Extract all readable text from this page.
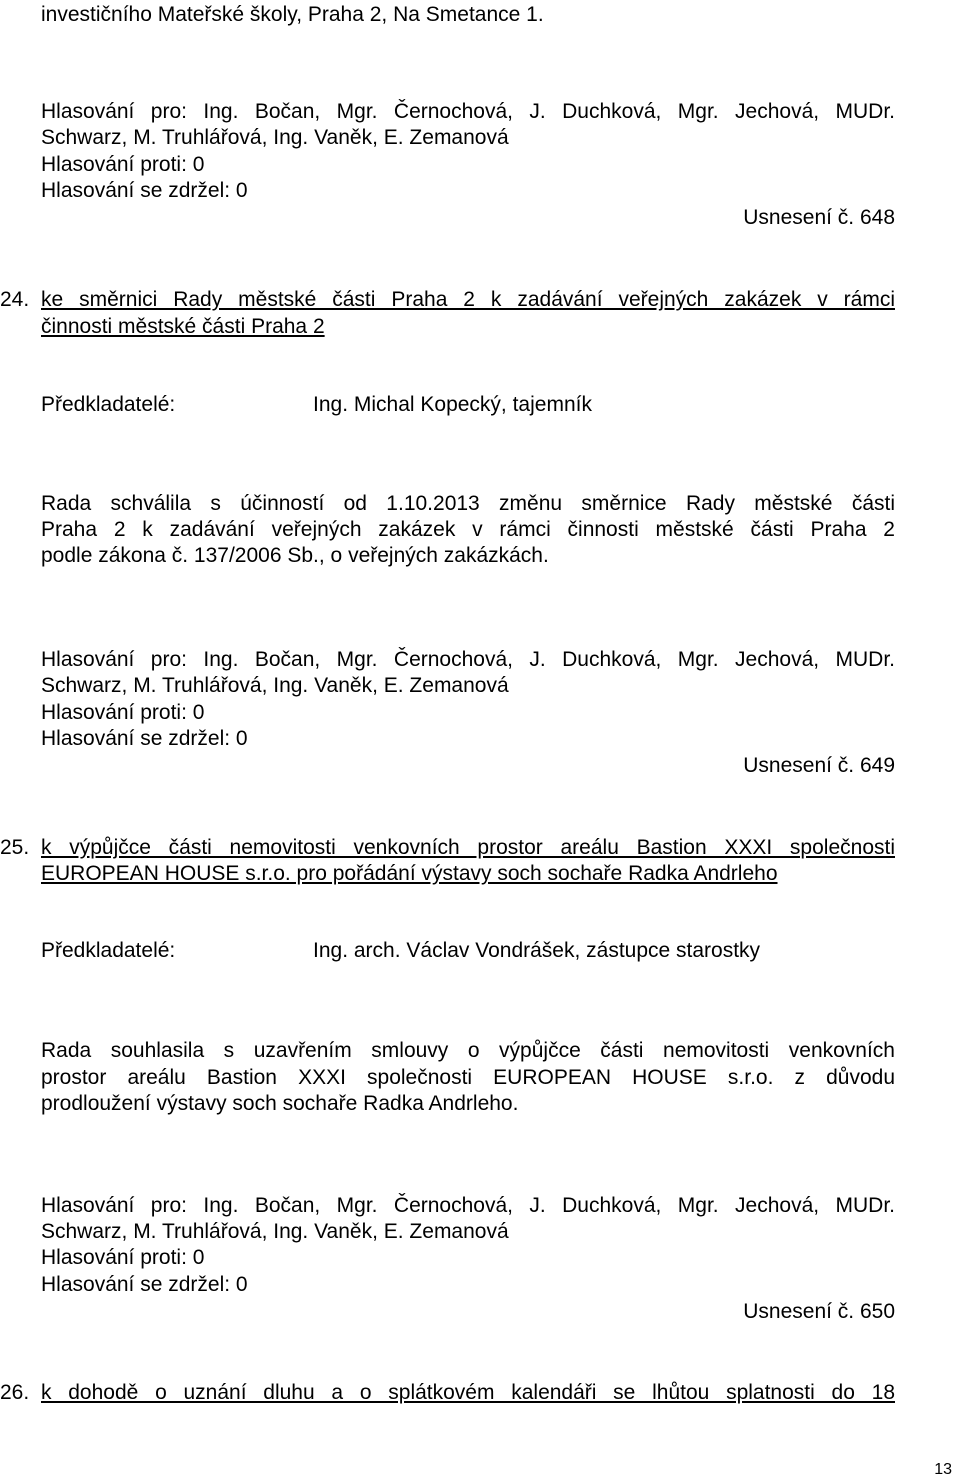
investičního Mateřské školy, Praha 2, Na Smetance 1.
Hlasování pro: Ing. Bočan, Mgr. Černochová, J. Duchková, Mgr. Jechová, MUDr.
Schwarz, M. Truhlářová, Ing. Vaněk, E. Zemanová
Hlasování proti: 0
Hlasování se zdržel: 0
Usnesení č. 648
24. ke směrnici Rady městské části Praha 2 k zadávání veřejných zakázek v rámci
činnosti městské části Praha 2
Předkladatelé:	Ing. Michal Kopecký, tajemník
Rada schválila s účinností od 1.10.2013 změnu směrnice Rady městské části
Praha 2 k zadávání veřejných zakázek v rámci činnosti městské části Praha 2
podle zákona č. 137/2006 Sb., o veřejných zakázkách.
Hlasování pro: Ing. Bočan, Mgr. Černochová, J. Duchková, Mgr. Jechová, MUDr.
Schwarz, M. Truhlářová, Ing. Vaněk, E. Zemanová
Hlasování proti: 0
Hlasování se zdržel: 0
Usnesení č. 649
25. k výpůjčce části nemovitosti venkovních prostor areálu Bastion XXXI společnosti
EUROPEAN HOUSE s.r.o. pro pořádání výstavy soch sochaře Radka Andrleho
Předkladatelé:	Ing. arch. Václav Vondrášek, zástupce starostky
Rada souhlasila s uzavřením smlouvy o výpůjčce části nemovitosti venkovních
prostor areálu Bastion XXXI společnosti EUROPEAN HOUSE s.r.o. z důvodu
prodloužení výstavy soch sochaře Radka Andrleho.
Hlasování pro: Ing. Bočan, Mgr. Černochová, J. Duchková, Mgr. Jechová, MUDr.
Schwarz, M. Truhlářová, Ing. Vaněk, E. Zemanová
Hlasování proti: 0
Hlasování se zdržel: 0
Usnesení č. 650
26. k dohodě o uznání dluhu a o splátkovém kalendáři se lhůtou splatnosti do 18
13
